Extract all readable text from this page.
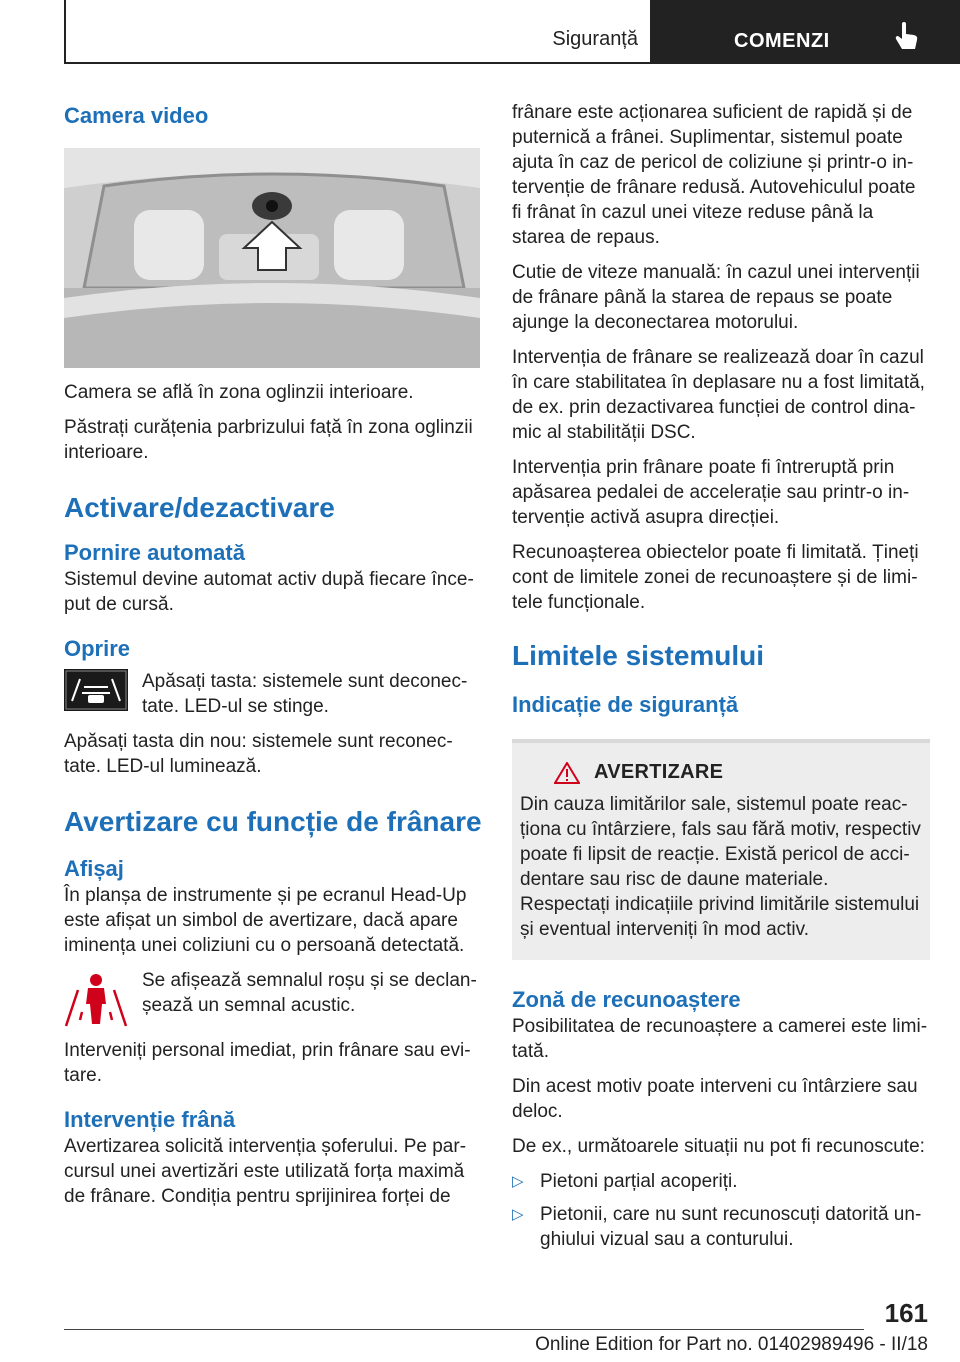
Siguranță	COMENZI
Camera video

Camera se află în zona oglinzii interioare.

Păstrați curățenia parbrizului față în zona oglinzii interioare.

Activare/dezactivare
Pornire automată

Sistemul devine automat activ după fiecare început de cursă.

Oprire

Apăsați tasta: sistemele sunt deconectate. LED-ul se stinge.

Apăsați tasta din nou: sistemele sunt reconectate. LED-ul luminează.

Avertizare cu funcție de frânare
Afișaj

În planșa de instrumente și pe ecranul Head-Up este afișat un simbol de avertizare, dacă apare iminența unei coliziuni cu o persoană detectată.

Se afișează semnalul roșu și se declanșează un semnal acustic.

Interveniți personal imediat, prin frânare sau evitare.

Intervenție frână

Avertizarea solicită intervenția șoferului. Pe parcursul unei avertizări este utilizată forța maximă de frânare. Condiția pentru sprijinirea forței de

frânare este acționarea suficient de rapidă și de puternică a frânei. Suplimentar, sistemul poate ajuta în caz de pericol de coliziune și printr-o intervenție de frânare redusă. Autovehiculul poate fi frânat în cazul unei viteze reduse până la starea de repaus.

Cutie de viteze manuală: în cazul unei intervenții de frânare până la starea de repaus se poate ajunge la deconectarea motorului.

Intervenția de frânare se realizează doar în cazul în care stabilitatea în deplasare nu a fost limitată, de ex. prin dezactivarea funcției de control dinamic al stabilității DSC.

Intervenția prin frânare poate fi întreruptă prin apăsarea pedalei de accelerație sau printr-o intervenție activă asupra direcției.

Recunoașterea obiectelor poate fi limitată. Țineți cont de limitele zonei de recunoaștere și de limitele funcționale.

Limitele sistemului
Indicație de siguranță
AVERTIZARE

Din cauza limitărilor sale, sistemul poate reacționa cu întârziere, fals sau fără motiv, respectiv poate fi lipsit de reacție. Există pericol de accidentare sau risc de daune materiale. Respectați indicațiile privind limitările sistemului și eventual interveniți în mod activ.

Zonă de recunoaștere

Posibilitatea de recunoaștere a camerei este limitată.

Din acest motiv poate interveni cu întârziere sau deloc.

De ex., următoarele situații nu pot fi recunoscute:

▷ Pietoni parțial acoperiți.

▷ Pietonii, care nu sunt recunoscuți datorită unghiului vizual sau a conturului.

161
Online Edition for Part no. 01402989496 - II/18
